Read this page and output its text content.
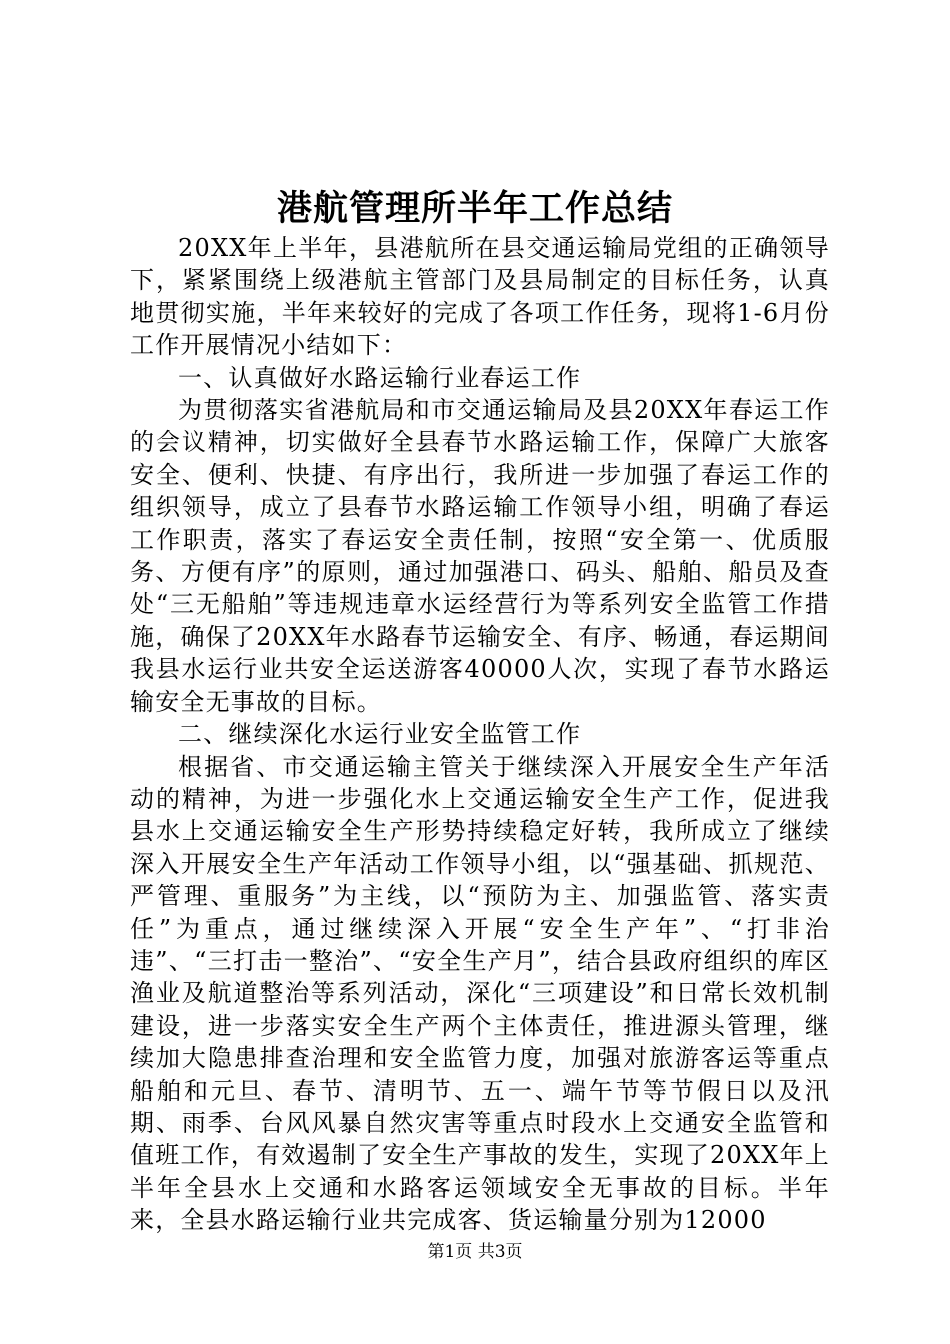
港航管理所半年工作总结

20XX年上半年，县港航所在县交通运输局党组的正确领导下，紧紧围绕上级港航主管部门及县局制定的目标任务，认真地贯彻实施，半年来较好的完成了各项工作任务，现将1-6月份工作开展情况小结如下：

一、认真做好水路运输行业春运工作

为贯彻落实省港航局和市交通运输局及县20XX年春运工作的会议精神，切实做好全县春节水路运输工作，保障广大旅客安全、便利、快捷、有序出行，我所进一步加强了春运工作的组织领导，成立了县春节水路运输工作领导小组，明确了春运工作职责，落实了春运安全责任制，按照“安全第一、优质服务、方便有序”的原则，通过加强港口、码头、船舶、船员及查处“三无船舶”等违规违章水运经营行为等系列安全监管工作措施，确保了20XX年水路春节运输安全、有序、畅通，春运期间我县水运行业共安全运送游客40000人次，实现了春节水路运输安全无事故的目标。

二、继续深化水运行业安全监管工作

根据省、市交通运输主管关于继续深入开展安全生产年活动的精神，为进一步强化水上交通运输安全生产工作，促进我县水上交通运输安全生产形势持续稳定好转，我所成立了继续深入开展安全生产年活动工作领导小组，以“强基础、抓规范、严管理、重服务”为主线，以“预防为主、加强监管、落实责任”为重点，通过继续深入开展“安全生产年”、“打非治违”、“三打击一整治”、“安全生产月”，结合县政府组织的库区渔业及航道整治等系列活动，深化“三项建设”和日常长效机制建设，进一步落实安全生产两个主体责任，推进源头管理，继续加大隐患排查治理和安全监管力度，加强对旅游客运等重点船舶和元旦、春节、清明节、五一、端午节等节假日以及汛期、雨季、台风风暴自然灾害等重点时段水上交通安全监管和值班工作，有效遏制了安全生产事故的发生，实现了20XX年上半年全县水上交通和水路客运领域安全无事故的目标。半年来，全县水路运输行业共完成客、货运输量分别为12000

第1页 共3页
